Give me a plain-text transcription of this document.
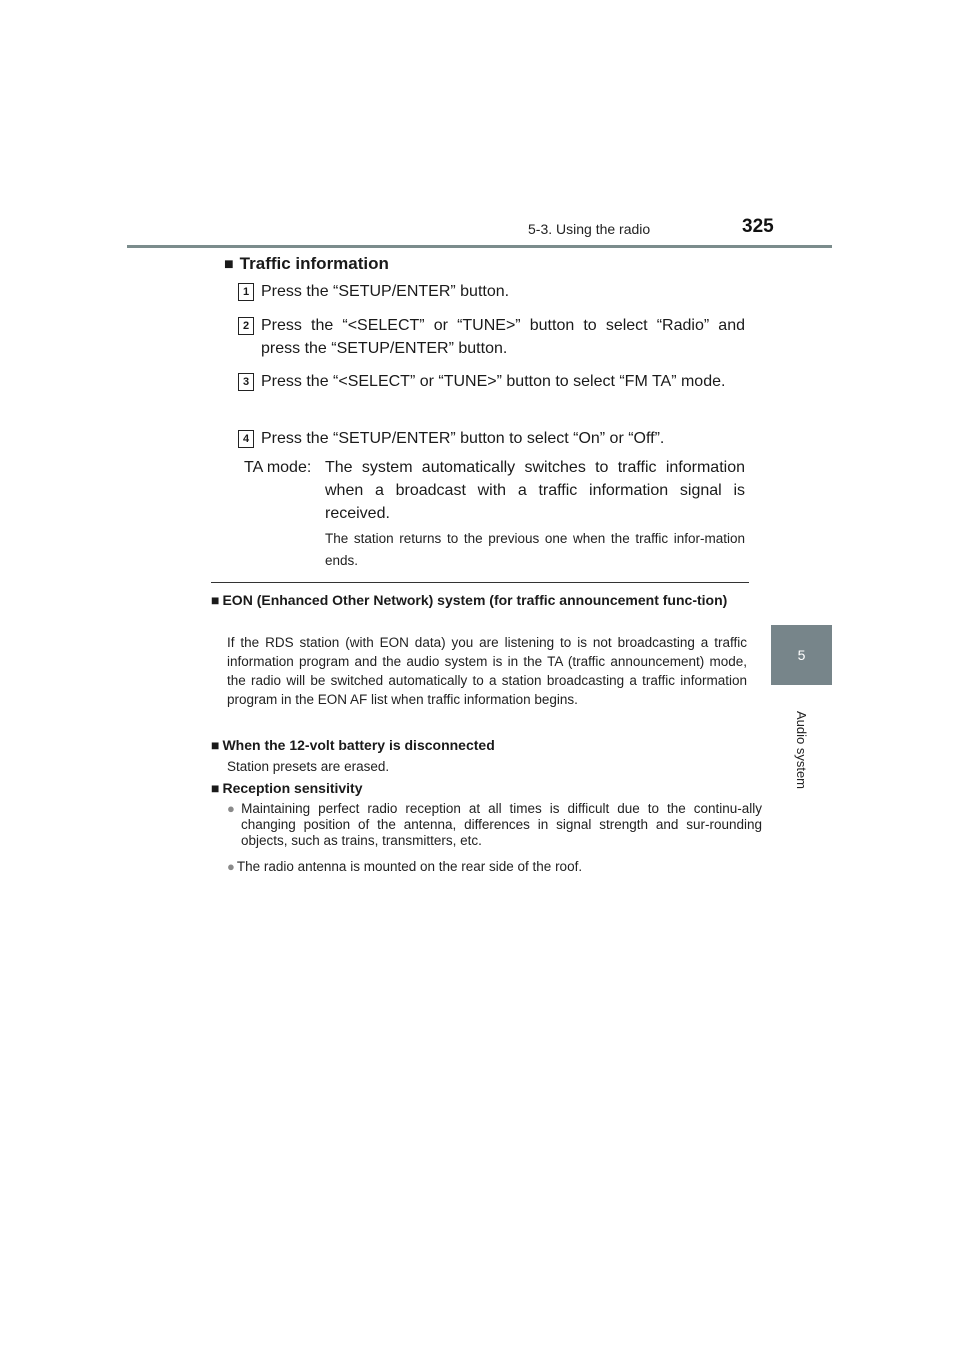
5-3. Using the radio	325
5
Audio system
■ Traffic information
1 Press the “SETUP/ENTER” button.
2 Press the “<SELECT” or “TUNE>” button to select “Radio” and press the “SETUP/ENTER” button.
3 Press the “<SELECT” or “TUNE>” button to select “FM TA” mode.
4 Press the “SETUP/ENTER” button to select “On” or “Off”.
TA mode: The system automatically switches to traffic information when a broadcast with a traffic information signal is received.
The station returns to the previous one when the traffic infor-mation ends.
■ EON (Enhanced Other Network) system (for traffic announcement func-tion)
If the RDS station (with EON data) you are listening to is not broadcasting a traffic information program and the audio system is in the TA (traffic announcement) mode, the radio will be switched automatically to a station broadcasting a traffic information program in the EON AF list when traffic information begins.
■ When the 12-volt battery is disconnected
Station presets are erased.
■ Reception sensitivity
● Maintaining perfect radio reception at all times is difficult due to the continu-ally changing position of the antenna, differences in signal strength and sur-rounding objects, such as trains, transmitters, etc.
● The radio antenna is mounted on the rear side of the roof.
